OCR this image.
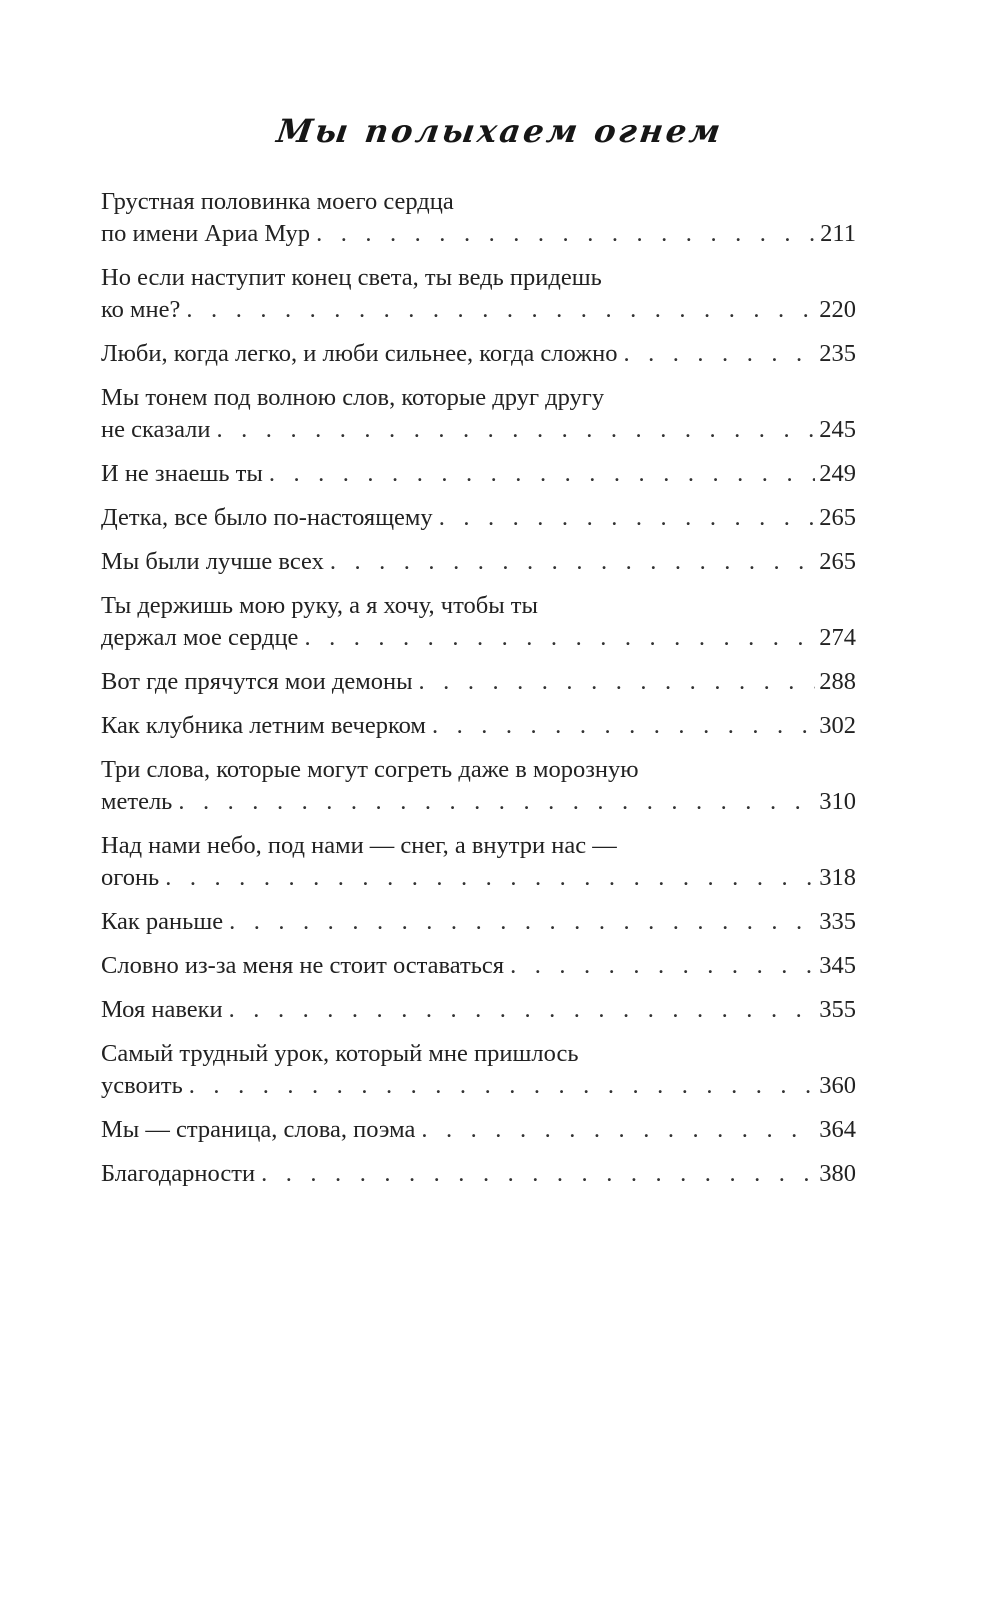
Мы полыхаем огнем
Грустная половинка моего сердца
по имени Ариа Мур . . .	211
Но если наступит конец света, ты ведь придешь
ко мне? . . .	220
Люби, когда легко, и люби сильнее, когда сложно . . .	235
Мы тонем под волною слов, которые друг другу
не сказали . . .	245
И не знаешь ты . . .	249
Детка, все было по-настоящему . . .	265
Мы были лучше всех . . .	265
Ты держишь мою руку, а я хочу, чтобы ты
держал мое сердце . . .	274
Вот где прячутся мои демоны . . .	288
Как клубника летним вечерком . . .	302
Три слова, которые могут согреть даже в морозную
метель . . .	310
Над нами небо, под нами — снег, а внутри нас —
огонь . . .	318
Как раньше . . .	335
Словно из-за меня не стоит оставаться . . .	345
Моя навеки . . .	355
Самый трудный урок, который мне пришлось
усвоить . . .	360
Мы — страница, слова, поэма . . .	364
Благодарности . . .	380
